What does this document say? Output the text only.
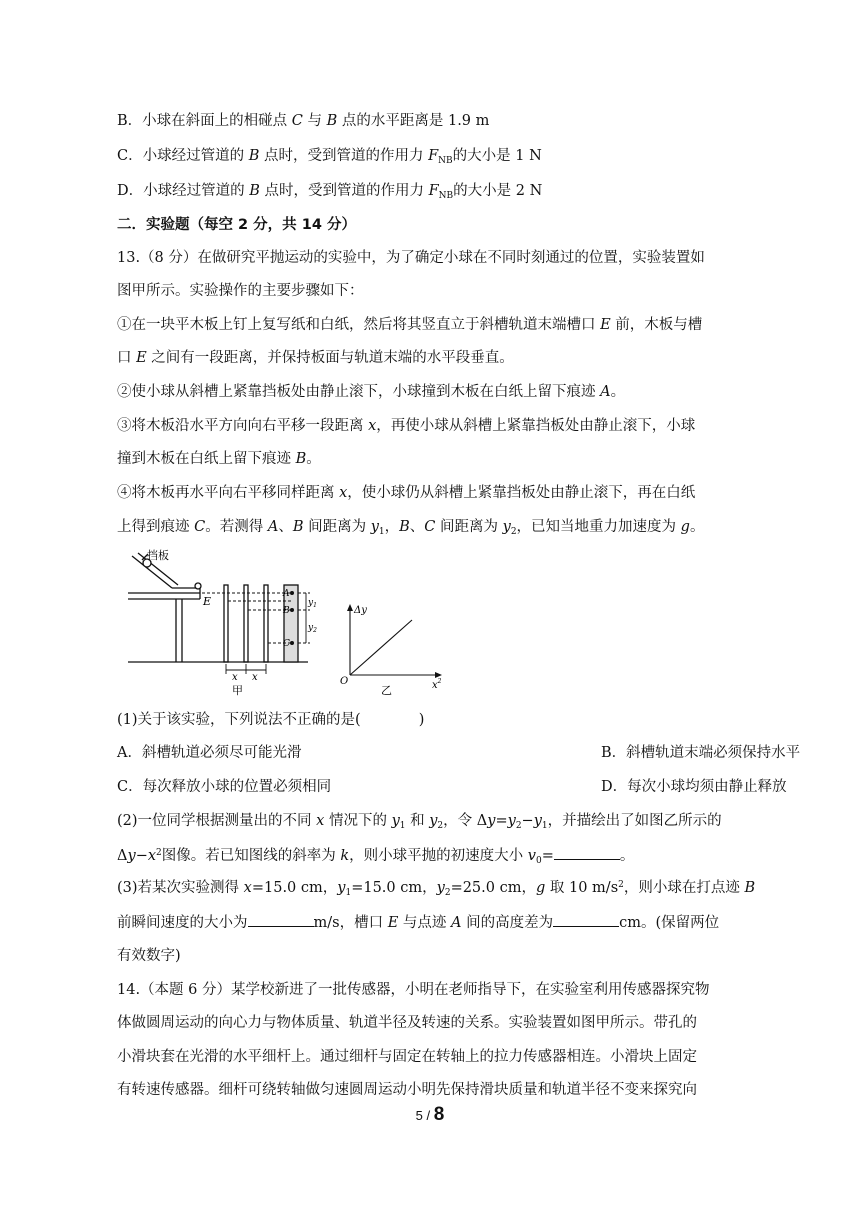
B．小球在斜面上的相碰点 C 与 B 点的水平距离是 1.9 m
C．小球经过管道的 B 点时，受到管道的作用力 $F_{NB}$的大小是 1 N
D．小球经过管道的 B 点时，受到管道的作用力 $F_{NB}$的大小是 2 N
二．实验题（每空 2 分，共 14 分）
13.（8 分）在做研究平抛运动的实验中，为了确定小球在不同时刻通过的位置，实验装置如
图甲所示。实验操作的主要步骤如下：
①在一块平木板上钉上复写纸和白纸，然后将其竖直立于斜槽轨道末端槽口 E 前，木板与槽
口 E 之间有一段距离，并保持板面与轨道末端的水平段垂直。
②使小球从斜槽上紧靠挡板处由静止滚下，小球撞到木板在白纸上留下痕迹 A。
③将木板沿水平方向向右平移一段距离 x，再使小球从斜槽上紧靠挡板处由静止滚下，小球
撞到木板在白纸上留下痕迹 B。
④将木板再水平向右平移同样距离 x，使小球仍从斜槽上紧靠挡板处由静止滚下，再在白纸
上得到痕迹 C。若测得 A、B 间距离为 $y_1$，B、C 间距离为 $y_2$，已知当地重力加速度为 g。
挡板
E
A
B
C
$y_1$
$y_2$
x x
甲
Δy
O	$x^2$
乙
(1)关于该实验，下列说法不正确的是(　　　　)
A．斜槽轨道必须尽可能光滑	B．斜槽轨道末端必须保持水平
C．每次释放小球的位置必须相同	D．每次小球均须由静止释放
(2)一位同学根据测量出的不同 x 情况下的 $y_1$ 和 $y_2$，令 $\Delta y=y_2-y_1$，并描绘出了如图乙所示的
$\Delta y-x^2$图像。若已知图线的斜率为 k，则小球平抛的初速度大小 $v_0=$	。
(3)若某次实验测得 x=15.0 cm，$y_1=15.0$ cm，$y_2=25.0$ cm，g 取 10 $m/s^2$，则小球在打点迹 B
前瞬间速度的大小为	m/s，槽口 E 与点迹 A 间的高度差为	cm。(保留两位
有效数字)
14.（本题 6 分）某学校新进了一批传感器，小明在老师指导下，在实验室利用传感器探究物
体做圆周运动的向心力与物体质量、轨道半径及转速的关系。实验装置如图甲所示。带孔的
小滑块套在光滑的水平细杆上。通过细杆与固定在转轴上的拉力传感器相连。小滑块上固定
有转速传感器。细杆可绕转轴做匀速圆周运动小明先保持滑块质量和轨道半径不变来探究向
5 / 8
